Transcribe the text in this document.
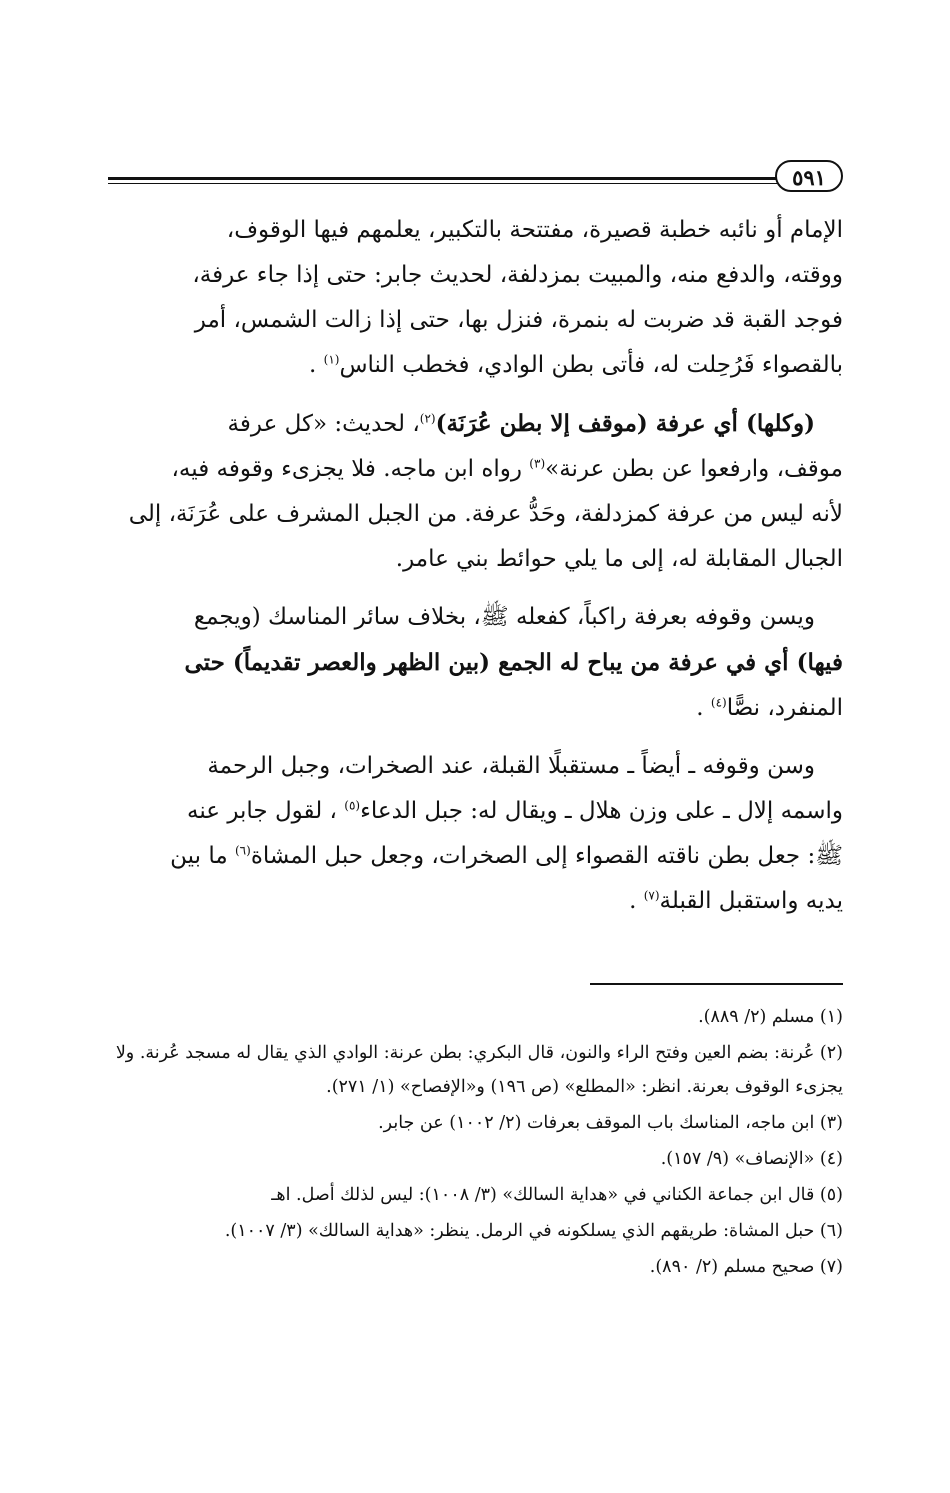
٥٩١

الإمام أو نائبه خطبة قصيرة، مفتتحة بالتكبير، يعلمهم فيها الوقوف،

ووقته، والدفع منه، والمبيت بمزدلفة، لحديث جابر: حتى إذا جاء عرفة،

فوجد القبة قد ضربت له بنمرة، فنزل بها، حتى إذا زالت الشمس، أمر

بالقصواء فَرُحِلت له، فأتى بطن الوادي، فخطب الناس$^{(١)}$ .

(وكلها) أي عرفة (موقف إلا بطن عُرَنَة)$^{(٢)}$، لحديث: «كل عرفة

موقف، وارفعوا عن بطن عرنة»$^{(٣)}$ رواه ابن ماجه. فلا يجزىء وقوفه فيه،

لأنه ليس من عرفة كمزدلفة، وحَدُّ عرفة. من الجبل المشرف على عُرَنَة، إلى

الجبال المقابلة له، إلى ما يلي حوائط بني عامر.

ويسن وقوفه بعرفة راكباً، كفعله ﷺ، بخلاف سائر المناسك (ويجمع

فيها) أي في عرفة من يباح له الجمع (بين الظهر والعصر تقديماً) حتى

المنفرد، نصًّا$^{(٤)}$ .

وسن وقوفه ـ أيضاً ـ مستقبلًا القبلة، عند الصخرات، وجبل الرحمة

واسمه إلال ـ على وزن هلال ـ ويقال له: جبل الدعاء$^{(٥)}$ ، لقول جابر عنه

ﷺ: جعل بطن ناقته القصواء إلى الصخرات، وجعل حبل المشاة$^{(٦)}$ ما بين

يديه واستقبل القبلة$^{(٧)}$ .

(١) مسلم (٢/ ٨٨٩).

(٢) عُرنة: بضم العين وفتح الراء والنون، قال البكري: بطن عرنة: الوادي الذي يقال له مسجد عُرنة. ولا يجزىء الوقوف بعرنة. انظر: «المطلع» (ص ١٩٦) و«الإفصاح» (١/ ٢٧١).

(٣) ابن ماجه، المناسك باب الموقف بعرفات (٢/ ١٠٠٢) عن جابر.

(٤) «الإنصاف» (٩/ ١٥٧).

(٥) قال ابن جماعة الكناني في «هداية السالك» (٣/ ١٠٠٨): ليس لذلك أصل. اهـ

(٦) حبل المشاة: طريقهم الذي يسلكونه في الرمل. ينظر: «هداية السالك» (٣/ ١٠٠٧).

(٧) صحيح مسلم (٢/ ٨٩٠).
